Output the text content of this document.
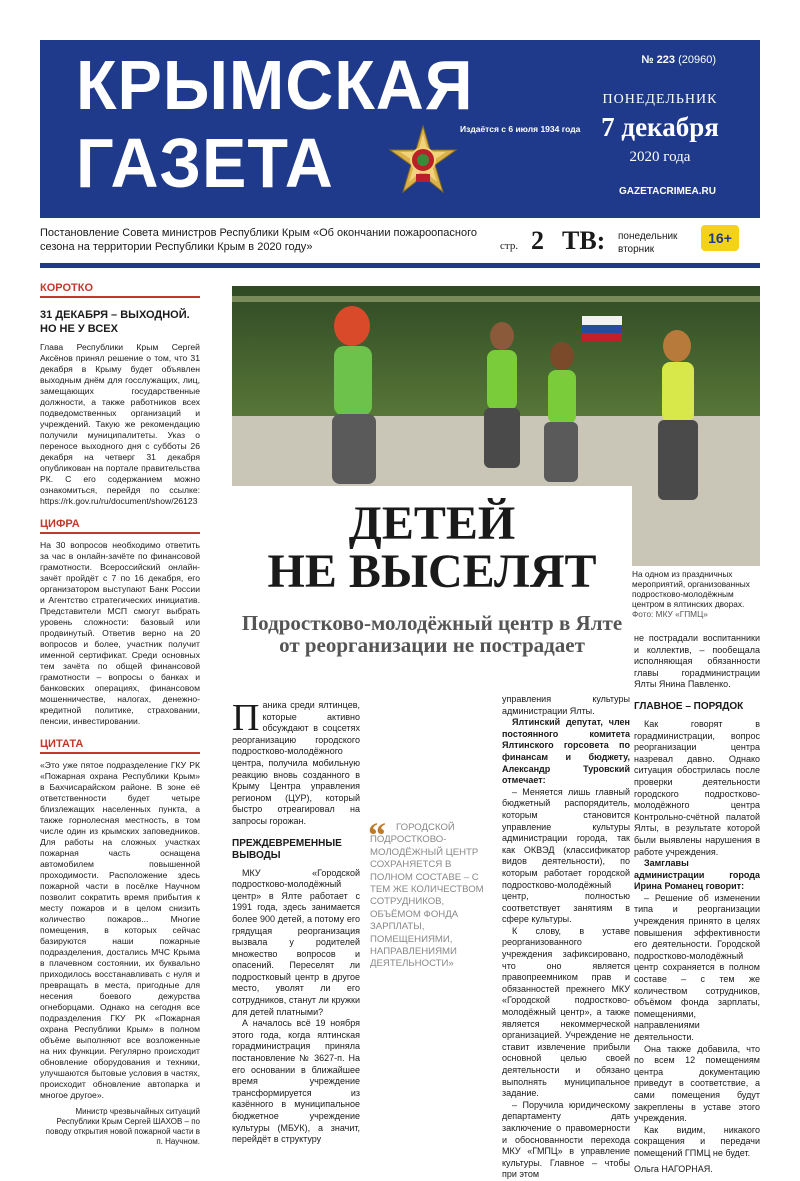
КРЫМСКАЯ
ГАЗЕТА	Издаётся с 6 июля 1934 года
№ 223 (20960)
ПОНЕДЕЛЬНИК
7 декабря
2020 года
GAZETACRIMEA.RU
Постановление Совета министров Республики Крым «Об окончании пожароопасного сезона на территории Республики Крым в 2020 году»	стр. 2 ТВ: понедельник
вторник
16+
КОРОТКО
31 ДЕКАБРЯ – ВЫХОДНОЙ. НО НЕ У ВСЕХ

Глава Республики Крым Сергей Аксёнов принял решение о том, что 31 декабря в Крыму будет объявлен выходным днём для госслужащих, лиц, замещающих государственные должности, а также работников всех подведомственных организаций и учреждений. Такую же рекомендацию получили муниципалитеты. Указ о переносе выходного дня с субботы 26 декабря на четверг 31 декабря опубликован на портале правительства РК. С его содержанием можно ознакомиться, перейдя по ссылке: https://rk.gov.ru/ru/document/show/26123

ЦИФРА

На 30 вопросов необходимо ответить за час в онлайн-зачёте по финансовой грамотности. Всероссийский онлайн-зачёт пройдёт с 7 по 16 декабря, его организатором выступают Банк России и Агентство стратегических инициатив. Представители МСП смогут выбрать уровень сложности: базовый или продвинутый. Ответив верно на 20 вопросов и более, участник получит именной сертификат. Среди основных тем зачёта по общей финансовой грамотности – вопросы о банках и банковских операциях, финансовом мошенничестве, налогах, денежно-кредитной политике, страховании, пенсии, инвестировании.

ЦИТАТА

«Это уже пятое подразделение ГКУ РК «Пожарная охрана Республики Крым» в Бахчисарайском районе. В зоне её ответственности будет четыре близлежащих населенных пункта, а также горнолесная местность, в том числе один из крымских заповедников. Для работы на сложных участках пожарная часть оснащена автомобилем повышенной проходимости. Расположение здесь пожарной части в посёлке Научном позволит сократить время прибытия к месту пожаров и в целом снизить количество пожаров... Многие помещения, в которых сейчас базируются наши пожарные подразделения, достались МЧС Крыма в плачевном состоянии, их буквально приходилось восстанавливать с нуля и превращать в места, пригодные для несения боевого дежурства огнеборцами. Однако на сегодня все подразделения ГКУ РК «Пожарная охрана Республики Крым» в полном объёме выполняют все возложенные на них функции. Регулярно происходит обновление оборудования и техники, улучшаются бытовые условия в частях, происходит обновление автопарка и многое другое».

Министр чрезвычайных ситуаций Республики Крым Сергей ШАХОВ – по поводу открытия новой пожарной части в п. Научном.
На одном из праздничных мероприятий, организованных подростково-молодёжным центром в ялтинских дворах. Фото: МКУ «ГПМЦ»
ДЕТЕЙ
НЕ ВЫСЕЛЯТ
Подростково-молодёжный центр в Ялте от реорганизации не пострадает

Паника среди ялтинцев, которые активно обсуждают в соцсетях реорганизацию городского подростково-молодёжного центра, получила мобильную реакцию вновь созданного в Крыму Центра управления регионом (ЦУР), который быстро отреагировал на запросы горожан.

ПРЕЖДЕВРЕМЕННЫЕ ВЫВОДЫ

МКУ «Городской подростково-молодёжный центр» в Ялте работает с 1991 года, здесь занимается более 900 детей, а потому его грядущая реорганизация вызвала у родителей множество вопросов и опасений. Переселят ли подростковый центр в другое место, уволят ли его сотрудников, станут ли кружки для детей платными?

А началось всё 19 ноября этого года, когда ялтинская горадминистрация приняла постановление № 3627-п. На его основании в ближайшее время учреждение трансформируется из казённого в муниципальное бюджетное учреждение культуры (МБУК), а значит, перейдёт в структуру

“	ГОРОДСКОЙ ПОДРОСТКОВО-МОЛОДЁЖНЫЙ ЦЕНТР СОХРАНЯЕТСЯ В ПОЛНОМ СОСТАВЕ – С ТЕМ ЖЕ КОЛИЧЕСТВОМ СОТРУДНИКОВ, ОБЪЁМОМ ФОНДА ЗАРПЛАТЫ, ПОМЕЩЕНИЯМИ, НАПРАВЛЕНИЯМИ ДЕЯТЕЛЬНОСТИ»

управления культуры администрации Ялты.

Ялтинский депутат, член постоянного комитета Ялтинского горсовета по финансам и бюджету, Александр Туровский отмечает:

– Меняется лишь главный бюджетный распорядитель, которым становится управление культуры администрации города, так как ОКВЭД (классификатор видов деятельности), по которым работает городской подростково-молодёжный центр, полностью соответствует занятиям в сфере культуры.

К слову, в уставе реорганизованного учреждения зафиксировано, что оно является правопреемником прав и обязанностей прежнего МКУ «Городской подростково-молодёжный центр», а также является некоммерческой организацией. Учреждение не ставит извлечение прибыли основной целью своей деятельности и обязано выполнять муниципальное задание.

– Поручила юридическому департаменту дать заключение о правомерности и обоснованности перехода МКУ «ГМПЦ» в управление культуры. Главное – чтобы при этом

не пострадали воспитанники и коллектив, – пообещала исполняющая обязанности главы горадминистрации Ялты Янина Павленко.

ГЛАВНОЕ – ПОРЯДОК

Как говорят в горадминистрации, вопрос реорганизации центра назревал давно. Однако ситуация обострилась после проверки деятельности городского подростково-молодёжного центра Контрольно-счётной палатой Ялты, в результате которой были выявлены нарушения в работе учреждения.

Замглавы администрации города Ирина Романец говорит:

– Решение об изменении типа и реорганизации учреждения принято в целях повышения эффективности его деятельности. Городской подростково-молодёжный центр сохраняется в полном составе – с тем же количеством сотрудников, объёмом фонда зарплаты, помещениями, направлениями деятельности.

Она также добавила, что по всем 12 помещениям центра документацию приведут в соответствие, а сами помещения будут закреплены в уставе этого учреждения.

Как видим, никакого сокращения и передачи помещений ГПМЦ не будет.

Ольга НАГОРНАЯ.
